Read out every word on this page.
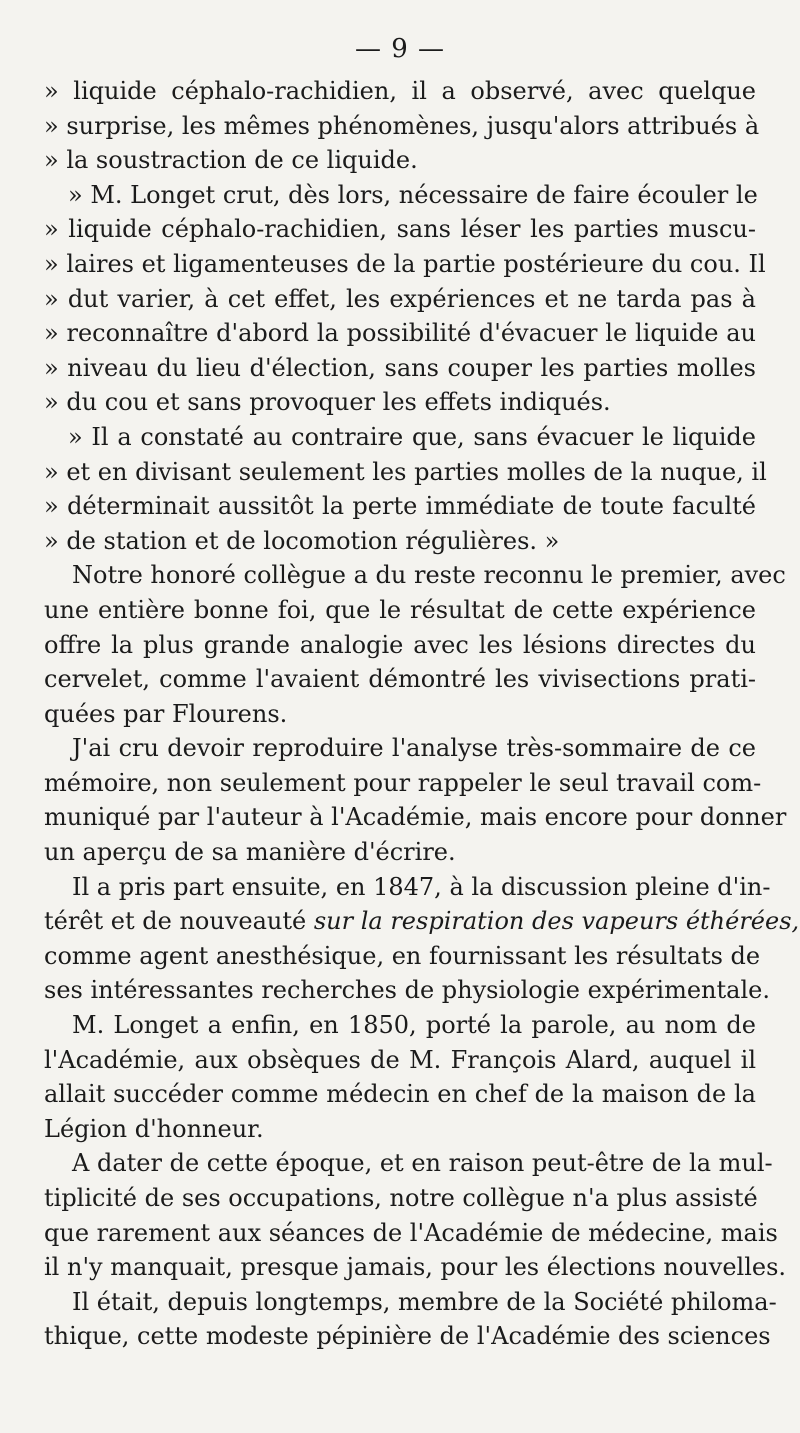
— 9 —
» liquide céphalo-rachidien, il a observé, avec quelque
» surprise, les mêmes phénomènes, jusqu'alors attribués à
» la soustraction de ce liquide.
» M. Longet crut, dès lors, nécessaire de faire écouler le
» liquide céphalo-rachidien, sans léser les parties muscu-
» laires et ligamenteuses de la partie postérieure du cou. Il
» dut varier, à cet effet, les expériences et ne tarda pas à
» reconnaître d'abord la possibilité d'évacuer le liquide au
» niveau du lieu d'élection, sans couper les parties molles
» du cou et sans provoquer les effets indiqués.
» Il a constaté au contraire que, sans évacuer le liquide
» et en divisant seulement les parties molles de la nuque, il
» déterminait aussitôt la perte immédiate de toute faculté
» de station et de locomotion régulières. »
Notre honoré collègue a du reste reconnu le premier, avec
une entière bonne foi, que le résultat de cette expérience
offre la plus grande analogie avec les lésions directes du
cervelet, comme l'avaient démontré les vivisections prati-
quées par Flourens.
J'ai cru devoir reproduire l'analyse très-sommaire de ce
mémoire, non seulement pour rappeler le seul travail com-
muniqué par l'auteur à l'Académie, mais encore pour donner
un aperçu de sa manière d'écrire.
Il a pris part ensuite, en 1847, à la discussion pleine d'in-
térêt et de nouveauté sur la respiration des vapeurs éthérées,
comme agent anesthésique, en fournissant les résultats de
ses intéressantes recherches de physiologie expérimentale.
M. Longet a enfin, en 1850, porté la parole, au nom de
l'Académie, aux obsèques de M. François Alard, auquel il
allait succéder comme médecin en chef de la maison de la
Légion d'honneur.
A dater de cette époque, et en raison peut-être de la mul-
tiplicité de ses occupations, notre collègue n'a plus assisté
que rarement aux séances de l'Académie de médecine, mais
il n'y manquait, presque jamais, pour les élections nouvelles.
Il était, depuis longtemps, membre de la Société philoma-
thique, cette modeste pépinière de l'Académie des sciences
